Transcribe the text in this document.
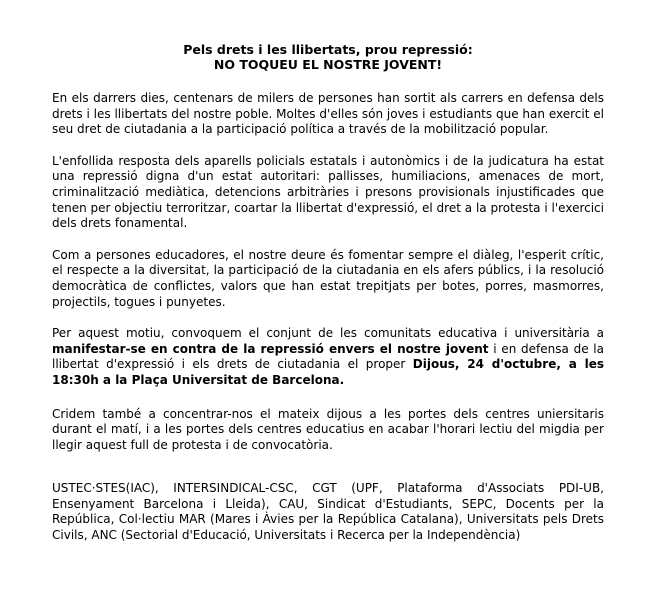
Pels drets i les llibertats, prou repressió:
NO TOQUEU EL NOSTRE JOVENT!

En els darrers dies, centenars de milers de persones han sortit als carrers en defensa dels drets i les llibertats del nostre poble. Moltes d'elles són joves i estudiants que han exercit el seu dret de ciutadania a la participació política a través de la mobilització popular.

L'enfollida resposta dels aparells policials estatals i autonòmics i de la judicatura ha estat una repressió digna d'un estat autoritari: pallisses, humiliacions, amenaces de mort, criminalització mediàtica, detencions arbitràries i presons provisionals injustificades que tenen per objectiu terroritzar, coartar la llibertat d'expressió, el dret a la protesta i l'exercici dels drets fonamental.

Com a persones educadores, el nostre deure és fomentar sempre el diàleg, l'esperit crític, el respecte a la diversitat, la participació de la ciutadania en els afers públics, i la resolució democràtica de conflictes, valors que han estat trepitjats per botes, porres, masmorres, projectils, togues i punyetes.

Per aquest motiu, convoquem el conjunt de les comunitats educativa i universitària a manifestar-se en contra de la repressió envers el nostre jovent i en defensa de la llibertat d'expressió i els drets de ciutadania el proper Dijous, 24 d'octubre, a les 18:30h a la Plaça Universitat de Barcelona.

Cridem també a concentrar-nos el mateix dijous a les portes dels centres uniersitaris durant el matí, i a les portes dels centres educatius en acabar l'horari lectiu del migdia per llegir aquest full de protesta i de convocatòria.

USTEC·STES(IAC), INTERSINDICAL-CSC, CGT (UPF, Plataforma d'Associats PDI-UB, Ensenyament Barcelona i Lleida), CAU, Sindicat d'Estudiants, SEPC, Docents per la República, Col·lectiu MAR (Mares i Àvies per la República Catalana), Universitats pels Drets Civils, ANC (Sectorial d'Educació, Universitats i Recerca per la Independència)
